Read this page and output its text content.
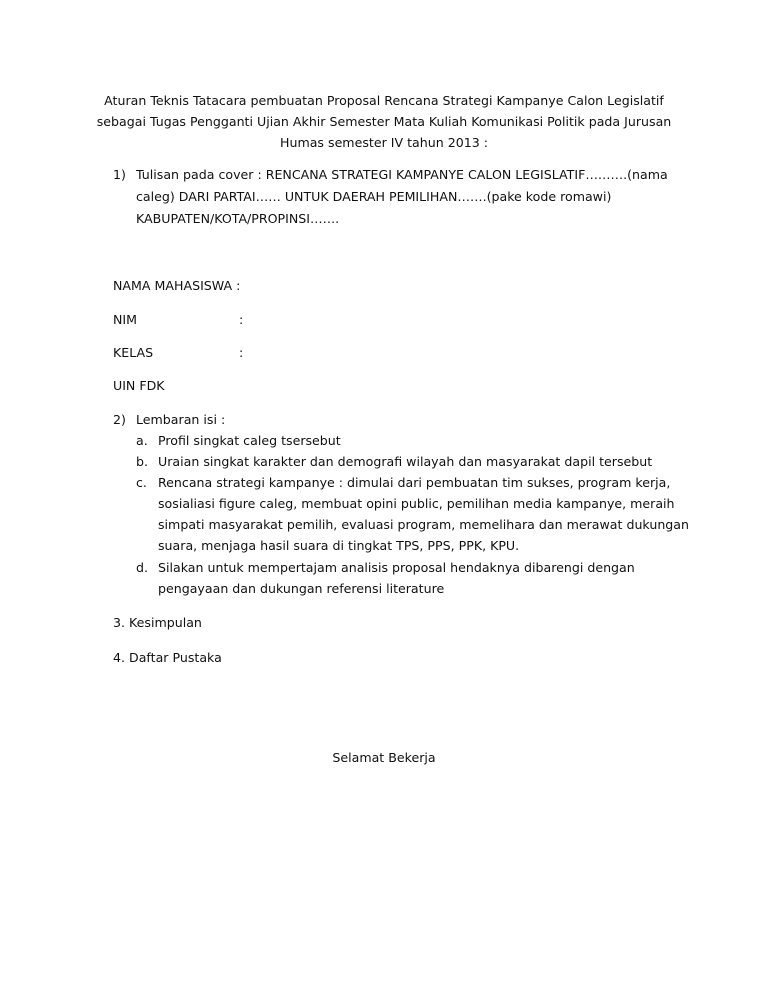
Aturan Teknis Tatacara pembuatan Proposal Rencana Strategi Kampanye Calon Legislatif
sebagai Tugas Pengganti Ujian Akhir Semester Mata Kuliah Komunikasi Politik pada Jurusan
Humas semester IV tahun 2013 :
1) Tulisan pada cover : RENCANA STRATEGI KAMPANYE CALON LEGISLATIF……….(nama
caleg) DARI PARTAI…… UNTUK DAERAH PEMILIHAN…….(pake kode romawi)
KABUPATEN/KOTA/PROPINSI…….
NAMA MAHASISWA :
NIM	:
KELAS	:
UIN FDK
2) Lembaran isi :
a. Profil singkat caleg tsersebut
b. Uraian singkat karakter dan demografi wilayah dan masyarakat dapil tersebut
c. Rencana strategi kampanye : dimulai dari pembuatan tim sukses, program kerja,
sosialiasi figure caleg, membuat opini public, pemilihan media kampanye, meraih
simpati masyarakat pemilih, evaluasi program, memelihara dan merawat dukungan
suara, menjaga hasil suara di tingkat TPS, PPS, PPK, KPU.
d. Silakan untuk mempertajam analisis proposal hendaknya dibarengi dengan
pengayaan dan dukungan referensi literature
3. Kesimpulan
4. Daftar Pustaka
Selamat Bekerja
